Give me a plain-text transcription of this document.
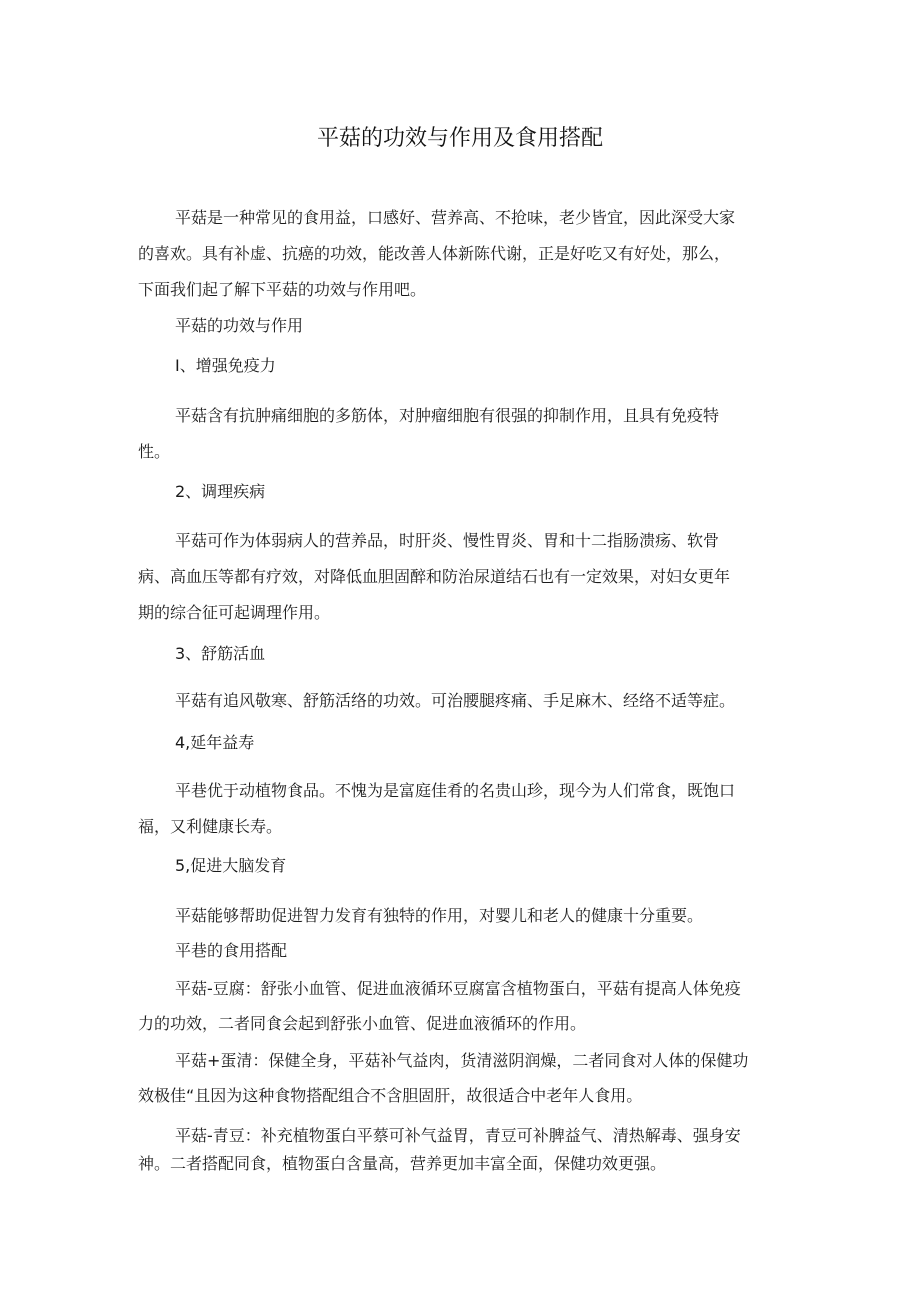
平菇的功效与作用及食用搭配
平菇是一种常见的食用益，口感好、营养高、不抢味，老少皆宜，因此深受大家
的喜欢。具有补虚、抗癌的功效，能改善人体新陈代谢，正是好吃又有好处，那么，
下面我们起了解下平菇的功效与作用吧。
平菇的功效与作用
I、增强免疫力
平菇含有抗肿痛细胞的多筋体，对肿瘤细胞有很强的抑制作用，且具有免疫特
性。
2、调理疾病
平菇可作为体弱病人的营养品，时肝炎、慢性胃炎、胃和十二指肠溃疡、软骨
病、高血压等都有疗效，对降低血胆固醉和防治尿道结石也有一定效果，对妇女更年
期的综合征可起调理作用。
3、舒筋活血
平菇有追风敬寒、舒筋活络的功效。可治腰腿疼痛、手足麻木、经络不适等症。
4,延年益寿
平巷优于动植物食品。不愧为是富庭佳肴的名贵山珍，现今为人们常食，既饱口
福，又利健康长寿。
5,促进大脑发育
平菇能够帮助促进智力发育有独特的作用，对婴儿和老人的健康十分重要。
平巷的食用搭配
平菇-豆腐：舒张小血管、促进血液循环豆腐富含植物蛋白，平菇有提高人体免疫
力的功效，二者同食会起到舒张小血管、促进血液循环的作用。
平菇+蛋清：保健全身，平菇补气益肉，货清滋阴润燥，二者同食对人体的保健功
效极佳“且因为这种食物搭配组合不含胆固肝，故很适合中老年人食用。
平菇-青豆：补充植物蛋白平蔡可补气益胃，青豆可补脾益气、清热解毒、强身安
神。二者搭配同食，植物蛋白含量高，营养更加丰富全面，保健功效更强。
